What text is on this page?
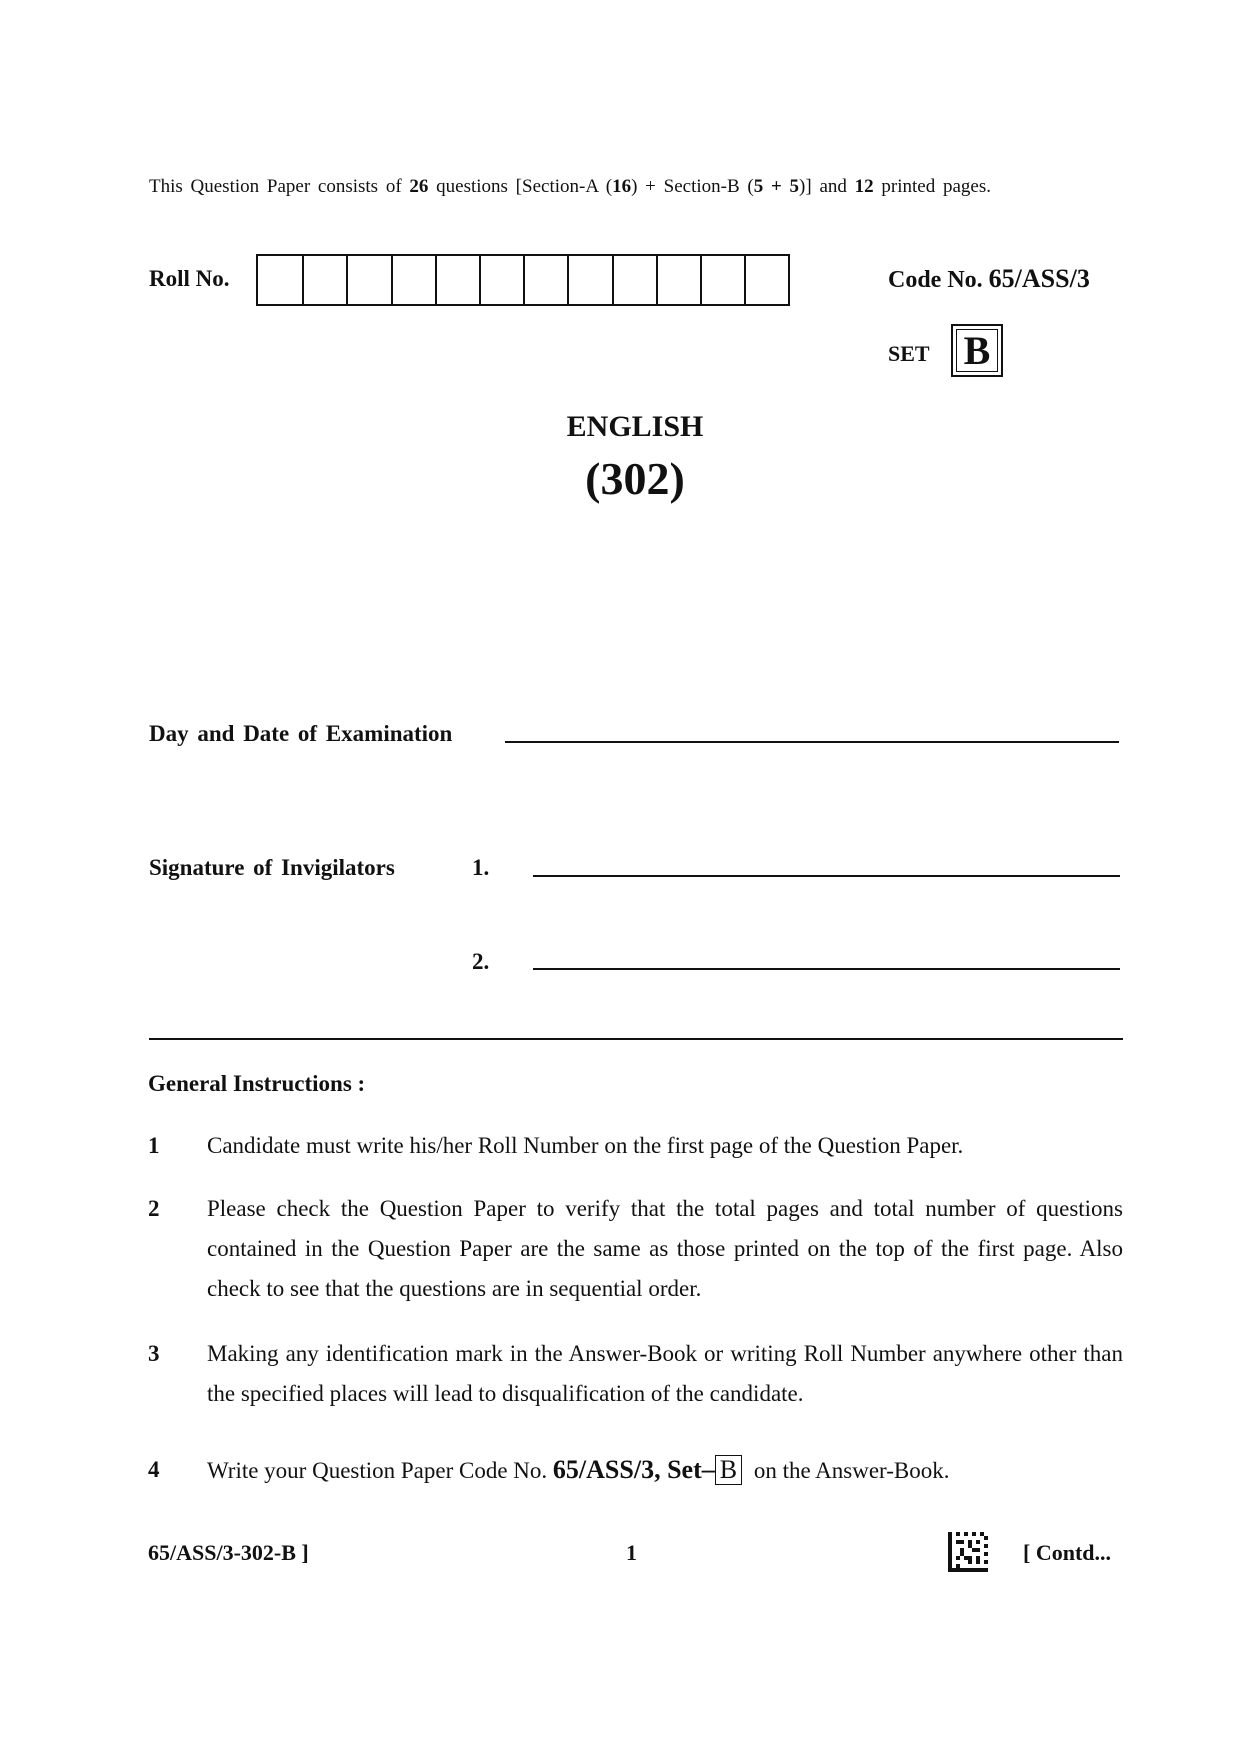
This Question Paper consists of 26 questions [Section-A (16) + Section-B (5 + 5)] and 12 printed pages.
Roll No.	Code No. 65/ASS/3
SET B
ENGLISH
(302)
Day and Date of Examination
Signature of Invigilators	1.
2.
General Instructions :
1 Candidate must write his/her Roll Number on the first page of the Question Paper.
2 Please check the Question Paper to verify that the total pages and total number of questions contained in the Question Paper are the same as those printed on the top of the first page. Also check to see that the questions are in sequential order.
3 Making any identification mark in the Answer-Book or writing Roll Number anywhere other than the specified places will lead to disqualification of the candidate.
4 Write your Question Paper Code No. 65/ASS/3, Set– B on the Answer-Book.
65/ASS/3-302-B ]	1	[ Contd...
